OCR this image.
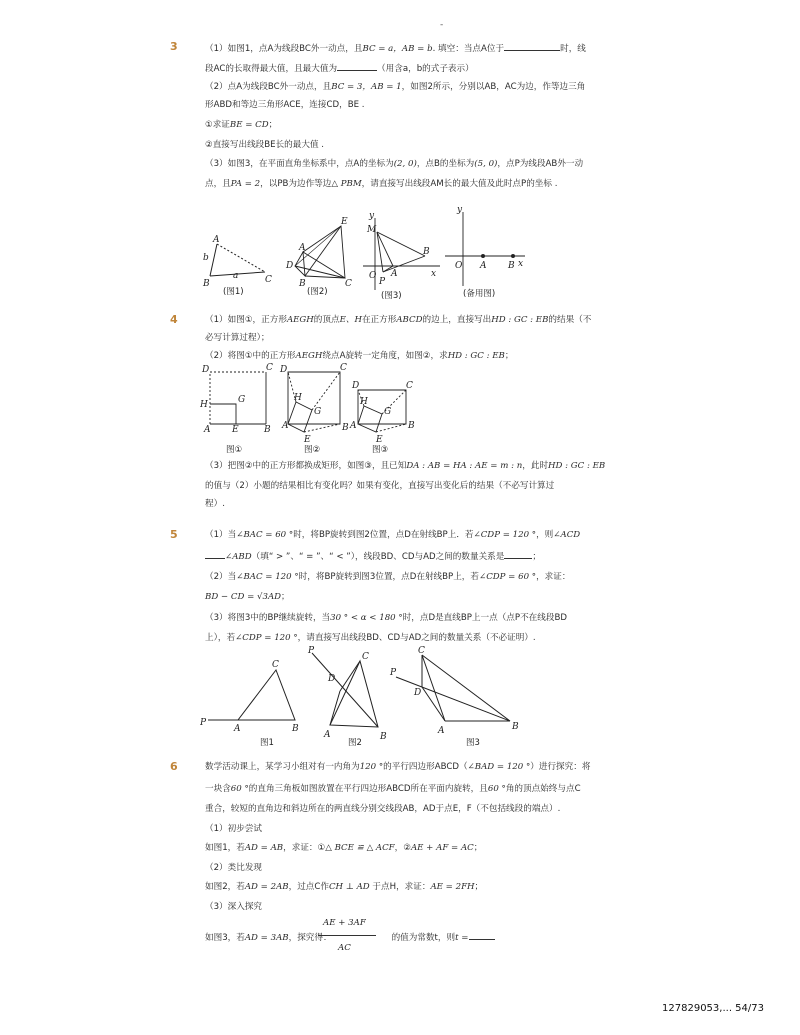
-
3	（1）如图1，点A为线段BC外一动点，且BC = a，AB = b. 填空：当点A位于	时，线
段AC的长取得最大值，且最大值为	（用含a，b的式子表示）
（2）点A为线段BC外一动点，且BC = 3，AB = 1，如图2所示，分别以AB，AC为边，作等边三角
形ABD和等边三角形ACE，连接CD，BE .
①求证BE = CD；
②直接写出线段BE长的最大值 .
（3）如图3，在平面直角坐标系中，点A的坐标为(2, 0)，点B的坐标为(5, 0)，点P为线段AB外一动
点，且PA = 2，以PB为边作等边△ PBM，请直接写出线段AM长的最大值及此时点P的坐标 .
A
b
a
B	C
(图1)
E
A
D
B	C
(图2)
y
M
O A
B
x
P
(图3)
y
O A B x
(备用图)
4	（1）如图①，正方形AEGH的顶点E、H在正方形ABCD的边上，直接写出HD : GC : EB的结果（不
必写计算过程）；
（2）将图①中的正方形AEGH绕点A旋转一定角度，如图②，求HD : GC : EB；
D	C
H	G
A E	B
图①
D	C
H
G
A
E
B
图②
D	C
H
G
A
E
B
图③
（3）把图②中的正方形都换成矩形，如图③，且已知DA : AB = HA : AE = m : n，此时HD : GC : EB
的值与（2）小题的结果相比有变化吗？如果有变化，直接写出变化后的结果（不必写计算过
程）.
5	（1）当∠BAC = 60 °时，将BP旋转到图2位置，点D在射线BP上．若∠CDP = 120 °，则∠ACD
∠ABD（填“ > ”、“ = ”、“ < ”），线段BD、CD与AD之间的数量关系是	；
（2）当∠BAC = 120 °时，将BP旋转到图3位置，点D在射线BP上，若∠CDP = 60 °，求证：
BD − CD = √3AD；
（3）将图3中的BP继续旋转，当30 ° < α < 180 °时，点D是直线BP上一点（点P不在线段BD
上），若∠CDP = 120 °，请直接写出线段BD、CD与AD之间的数量关系（不必证明）.
P
A	B
C
图1
P
C
D
A	B
图2
P
C
D
A	B
图3
6	数学活动课上，某学习小组对有一内角为120 °的平行四边形ABCD（∠BAD = 120 °）进行探究：将
一块含60 °的直角三角板如图放置在平行四边形ABCD所在平面内旋转，且60 °角的顶点始终与点C
重合，较短的直角边和斜边所在的两直线分别交线段AB，AD于点E，F（不包括线段的端点）.
（1）初步尝试
如图1，若AD = AB，求证：①△ BCE ≌ △ ACF，②AE + AF = AC；
（2）类比发现
如图2，若AD = 2AB，过点C作CH ⊥ AD 于点H，求证：AE = 2FH；
（3）深入探究
AE + 3AF
AC
如图3，若AD = 3AB，探究得：	的值为常数t，则t =
127829053,... 54/73
